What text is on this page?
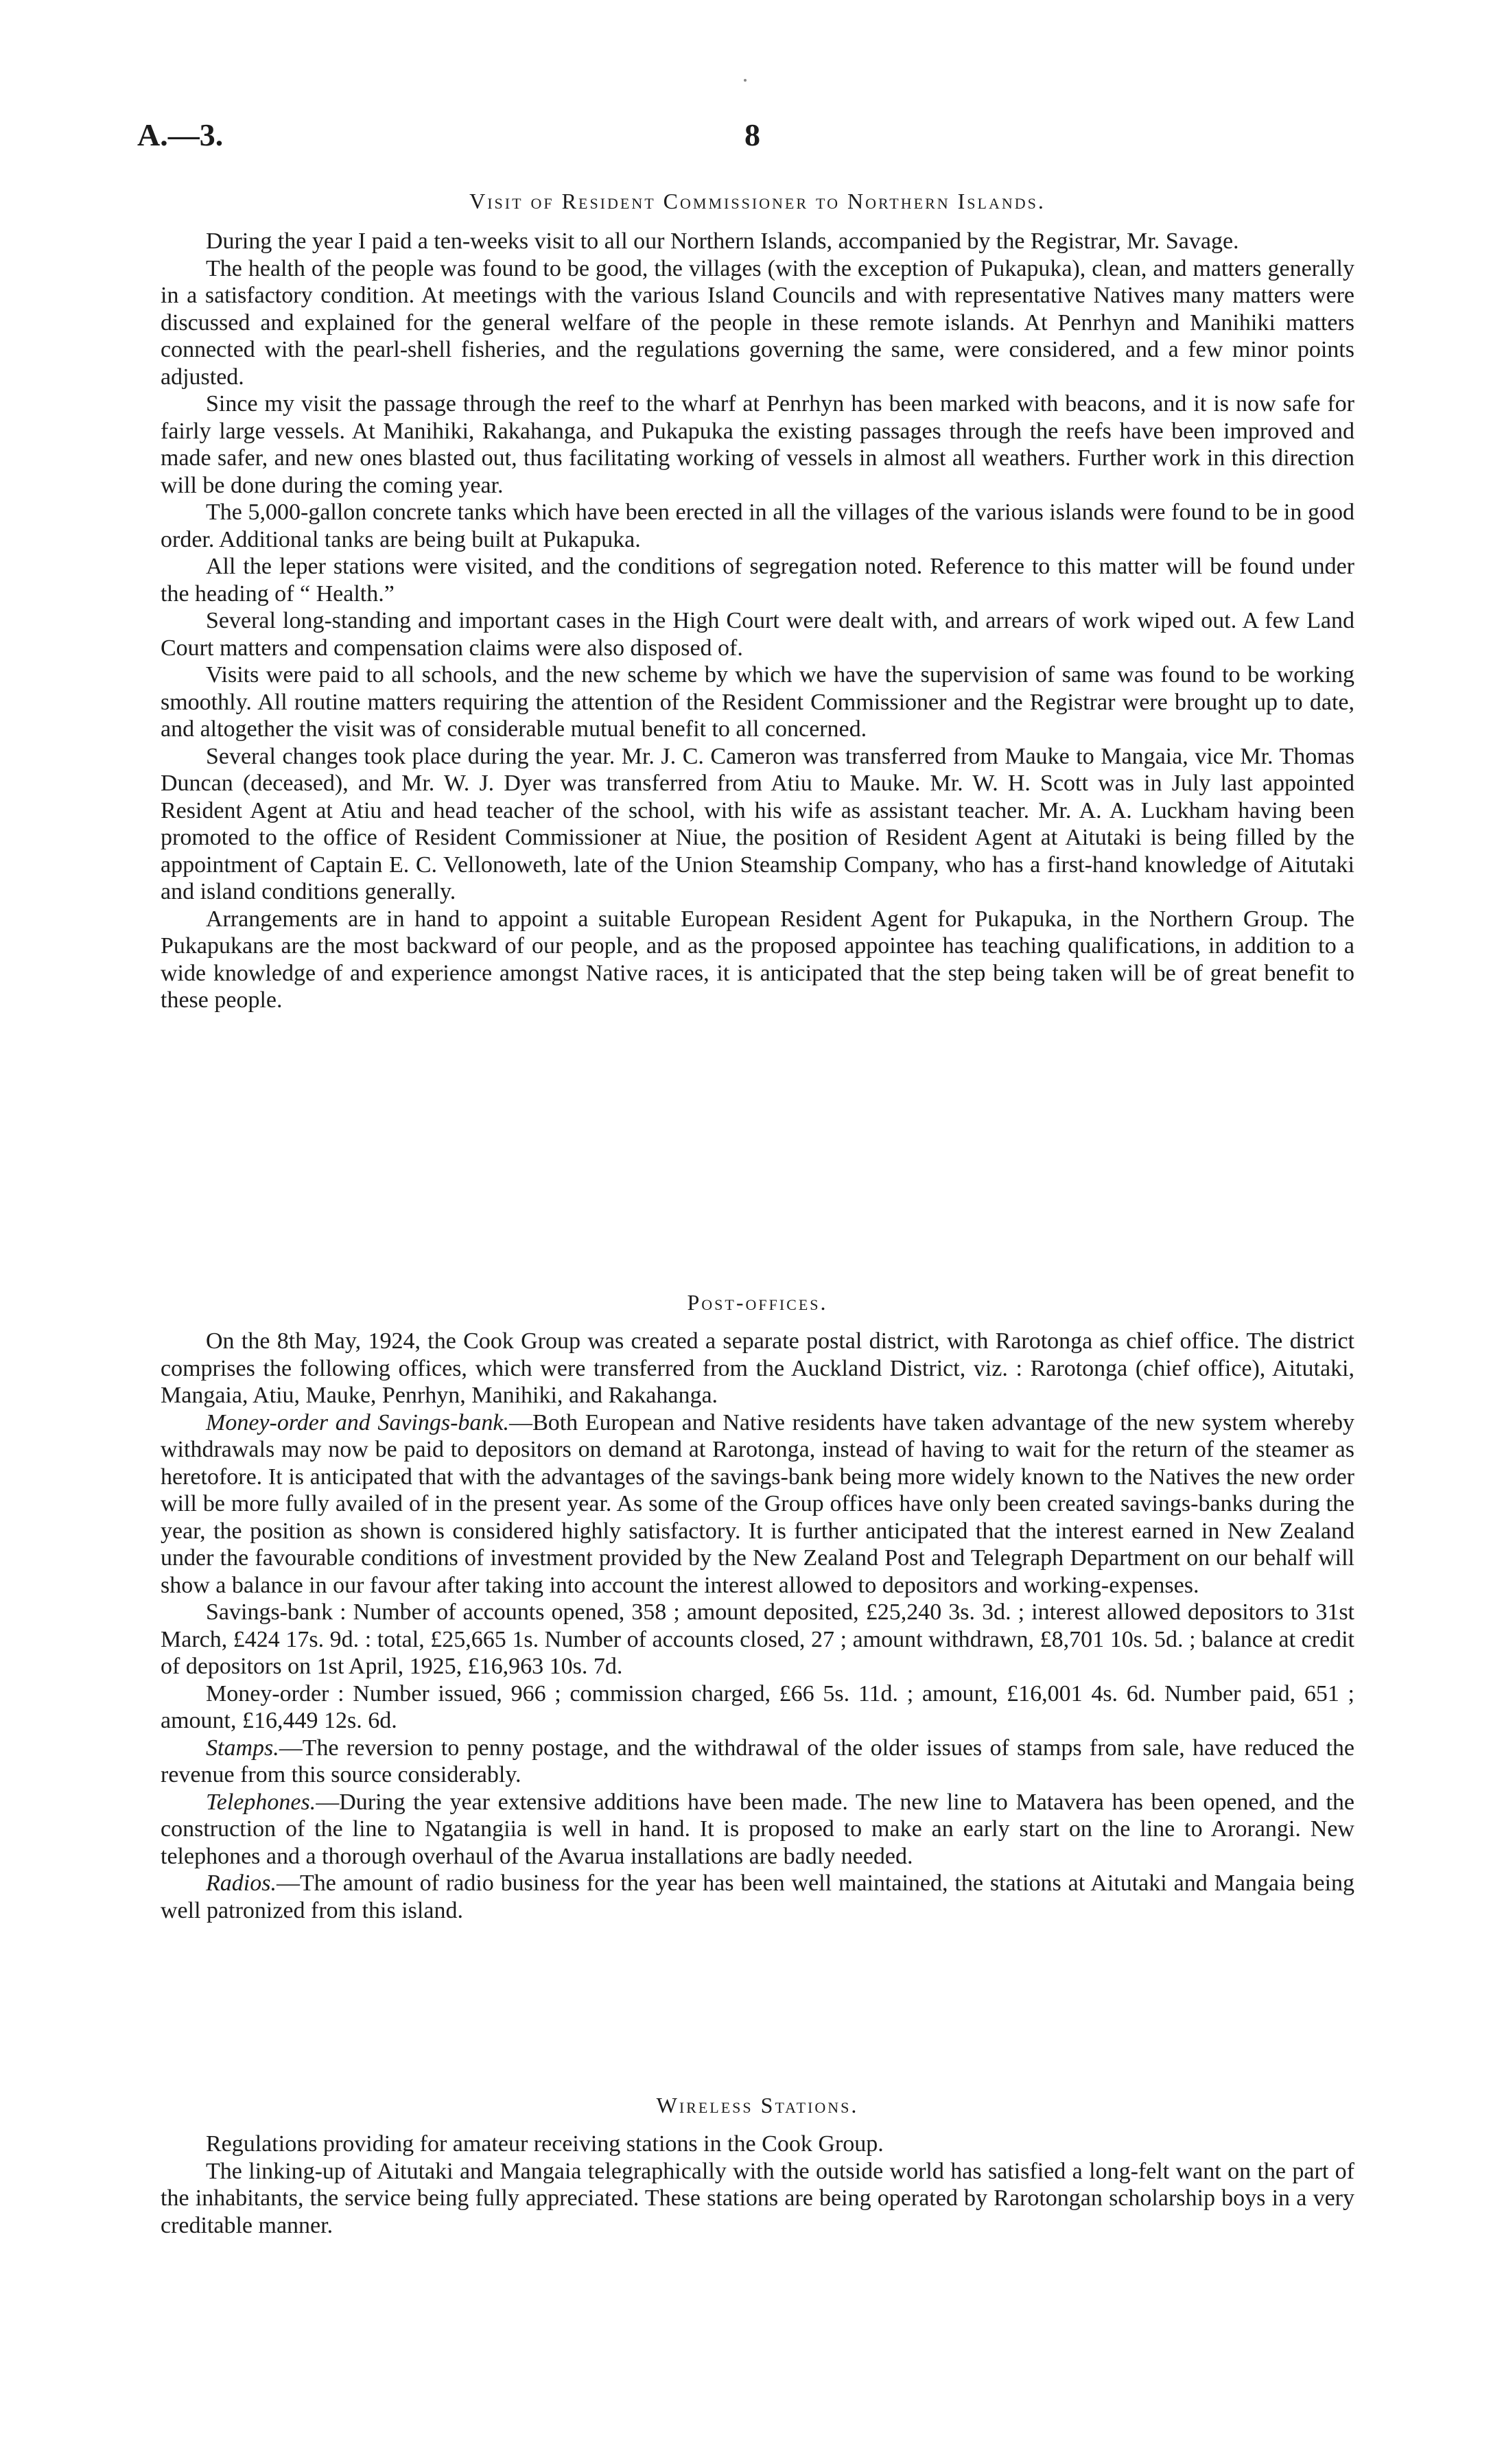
A.—3.	8
Visit of Resident Commissioner to Northern Islands.

During the year I paid a ten-weeks visit to all our Northern Islands, accompanied by the Registrar, Mr. Savage.

The health of the people was found to be good, the villages (with the exception of Pukapuka), clean, and matters generally in a satisfactory condition. At meetings with the various Island Councils and with representative Natives many matters were discussed and explained for the general welfare of the people in these remote islands. At Penrhyn and Manihiki matters connected with the pearl-shell fisheries, and the regulations governing the same, were considered, and a few minor points adjusted.

Since my visit the passage through the reef to the wharf at Penrhyn has been marked with beacons, and it is now safe for fairly large vessels. At Manihiki, Rakahanga, and Pukapuka the existing passages through the reefs have been improved and made safer, and new ones blasted out, thus facilitating working of vessels in almost all weathers. Further work in this direction will be done during the coming year.

The 5,000-gallon concrete tanks which have been erected in all the villages of the various islands were found to be in good order. Additional tanks are being built at Pukapuka.

All the leper stations were visited, and the conditions of segregation noted. Reference to this matter will be found under the heading of “ Health.”

Several long-standing and important cases in the High Court were dealt with, and arrears of work wiped out. A few Land Court matters and compensation claims were also disposed of.

Visits were paid to all schools, and the new scheme by which we have the supervision of same was found to be working smoothly. All routine matters requiring the attention of the Resident Commissioner and the Registrar were brought up to date, and altogether the visit was of considerable mutual benefit to all concerned.

Several changes took place during the year. Mr. J. C. Cameron was transferred from Mauke to Mangaia, vice Mr. Thomas Duncan (deceased), and Mr. W. J. Dyer was transferred from Atiu to Mauke. Mr. W. H. Scott was in July last appointed Resident Agent at Atiu and head teacher of the school, with his wife as assistant teacher. Mr. A. A. Luckham having been promoted to the office of Resident Commissioner at Niue, the position of Resident Agent at Aitutaki is being filled by the appointment of Captain E. C. Vellonoweth, late of the Union Steamship Company, who has a first-hand knowledge of Aitutaki and island conditions generally.

Arrangements are in hand to appoint a suitable European Resident Agent for Pukapuka, in the Northern Group. The Pukapukans are the most backward of our people, and as the proposed appointee has teaching qualifications, in addition to a wide knowledge of and experience amongst Native races, it is anticipated that the step being taken will be of great benefit to these people.

Post-offices.

On the 8th May, 1924, the Cook Group was created a separate postal district, with Rarotonga as chief office. The district comprises the following offices, which were transferred from the Auckland District, viz. : Rarotonga (chief office), Aitutaki, Mangaia, Atiu, Mauke, Penrhyn, Manihiki, and Rakahanga.

Money-order and Savings-bank.—Both European and Native residents have taken advantage of the new system whereby withdrawals may now be paid to depositors on demand at Rarotonga, instead of having to wait for the return of the steamer as heretofore. It is anticipated that with the advantages of the savings-bank being more widely known to the Natives the new order will be more fully availed of in the present year. As some of the Group offices have only been created savings-banks during the year, the position as shown is considered highly satisfactory. It is further anticipated that the interest earned in New Zealand under the favourable conditions of investment provided by the New Zealand Post and Telegraph Department on our behalf will show a balance in our favour after taking into account the interest allowed to depositors and working-expenses.

Savings-bank : Number of accounts opened, 358 ; amount deposited, £25,240 3s. 3d. ; interest allowed depositors to 31st March, £424 17s. 9d. : total, £25,665 1s. Number of accounts closed, 27 ; amount withdrawn, £8,701 10s. 5d. ; balance at credit of depositors on 1st April, 1925, £16,963 10s. 7d.

Money-order : Number issued, 966 ; commission charged, £66 5s. 11d. ; amount, £16,001 4s. 6d. Number paid, 651 ; amount, £16,449 12s. 6d.

Stamps.—The reversion to penny postage, and the withdrawal of the older issues of stamps from sale, have reduced the revenue from this source considerably.

Telephones.—During the year extensive additions have been made. The new line to Matavera has been opened, and the construction of the line to Ngatangiia is well in hand. It is proposed to make an early start on the line to Arorangi. New telephones and a thorough overhaul of the Avarua installations are badly needed.

Radios.—The amount of radio business for the year has been well maintained, the stations at Aitutaki and Mangaia being well patronized from this island.

Wireless Stations.

Regulations providing for amateur receiving stations in the Cook Group.

The linking-up of Aitutaki and Mangaia telegraphically with the outside world has satisfied a long-felt want on the part of the inhabitants, the service being fully appreciated. These stations are being operated by Rarotongan scholarship boys in a very creditable manner.
